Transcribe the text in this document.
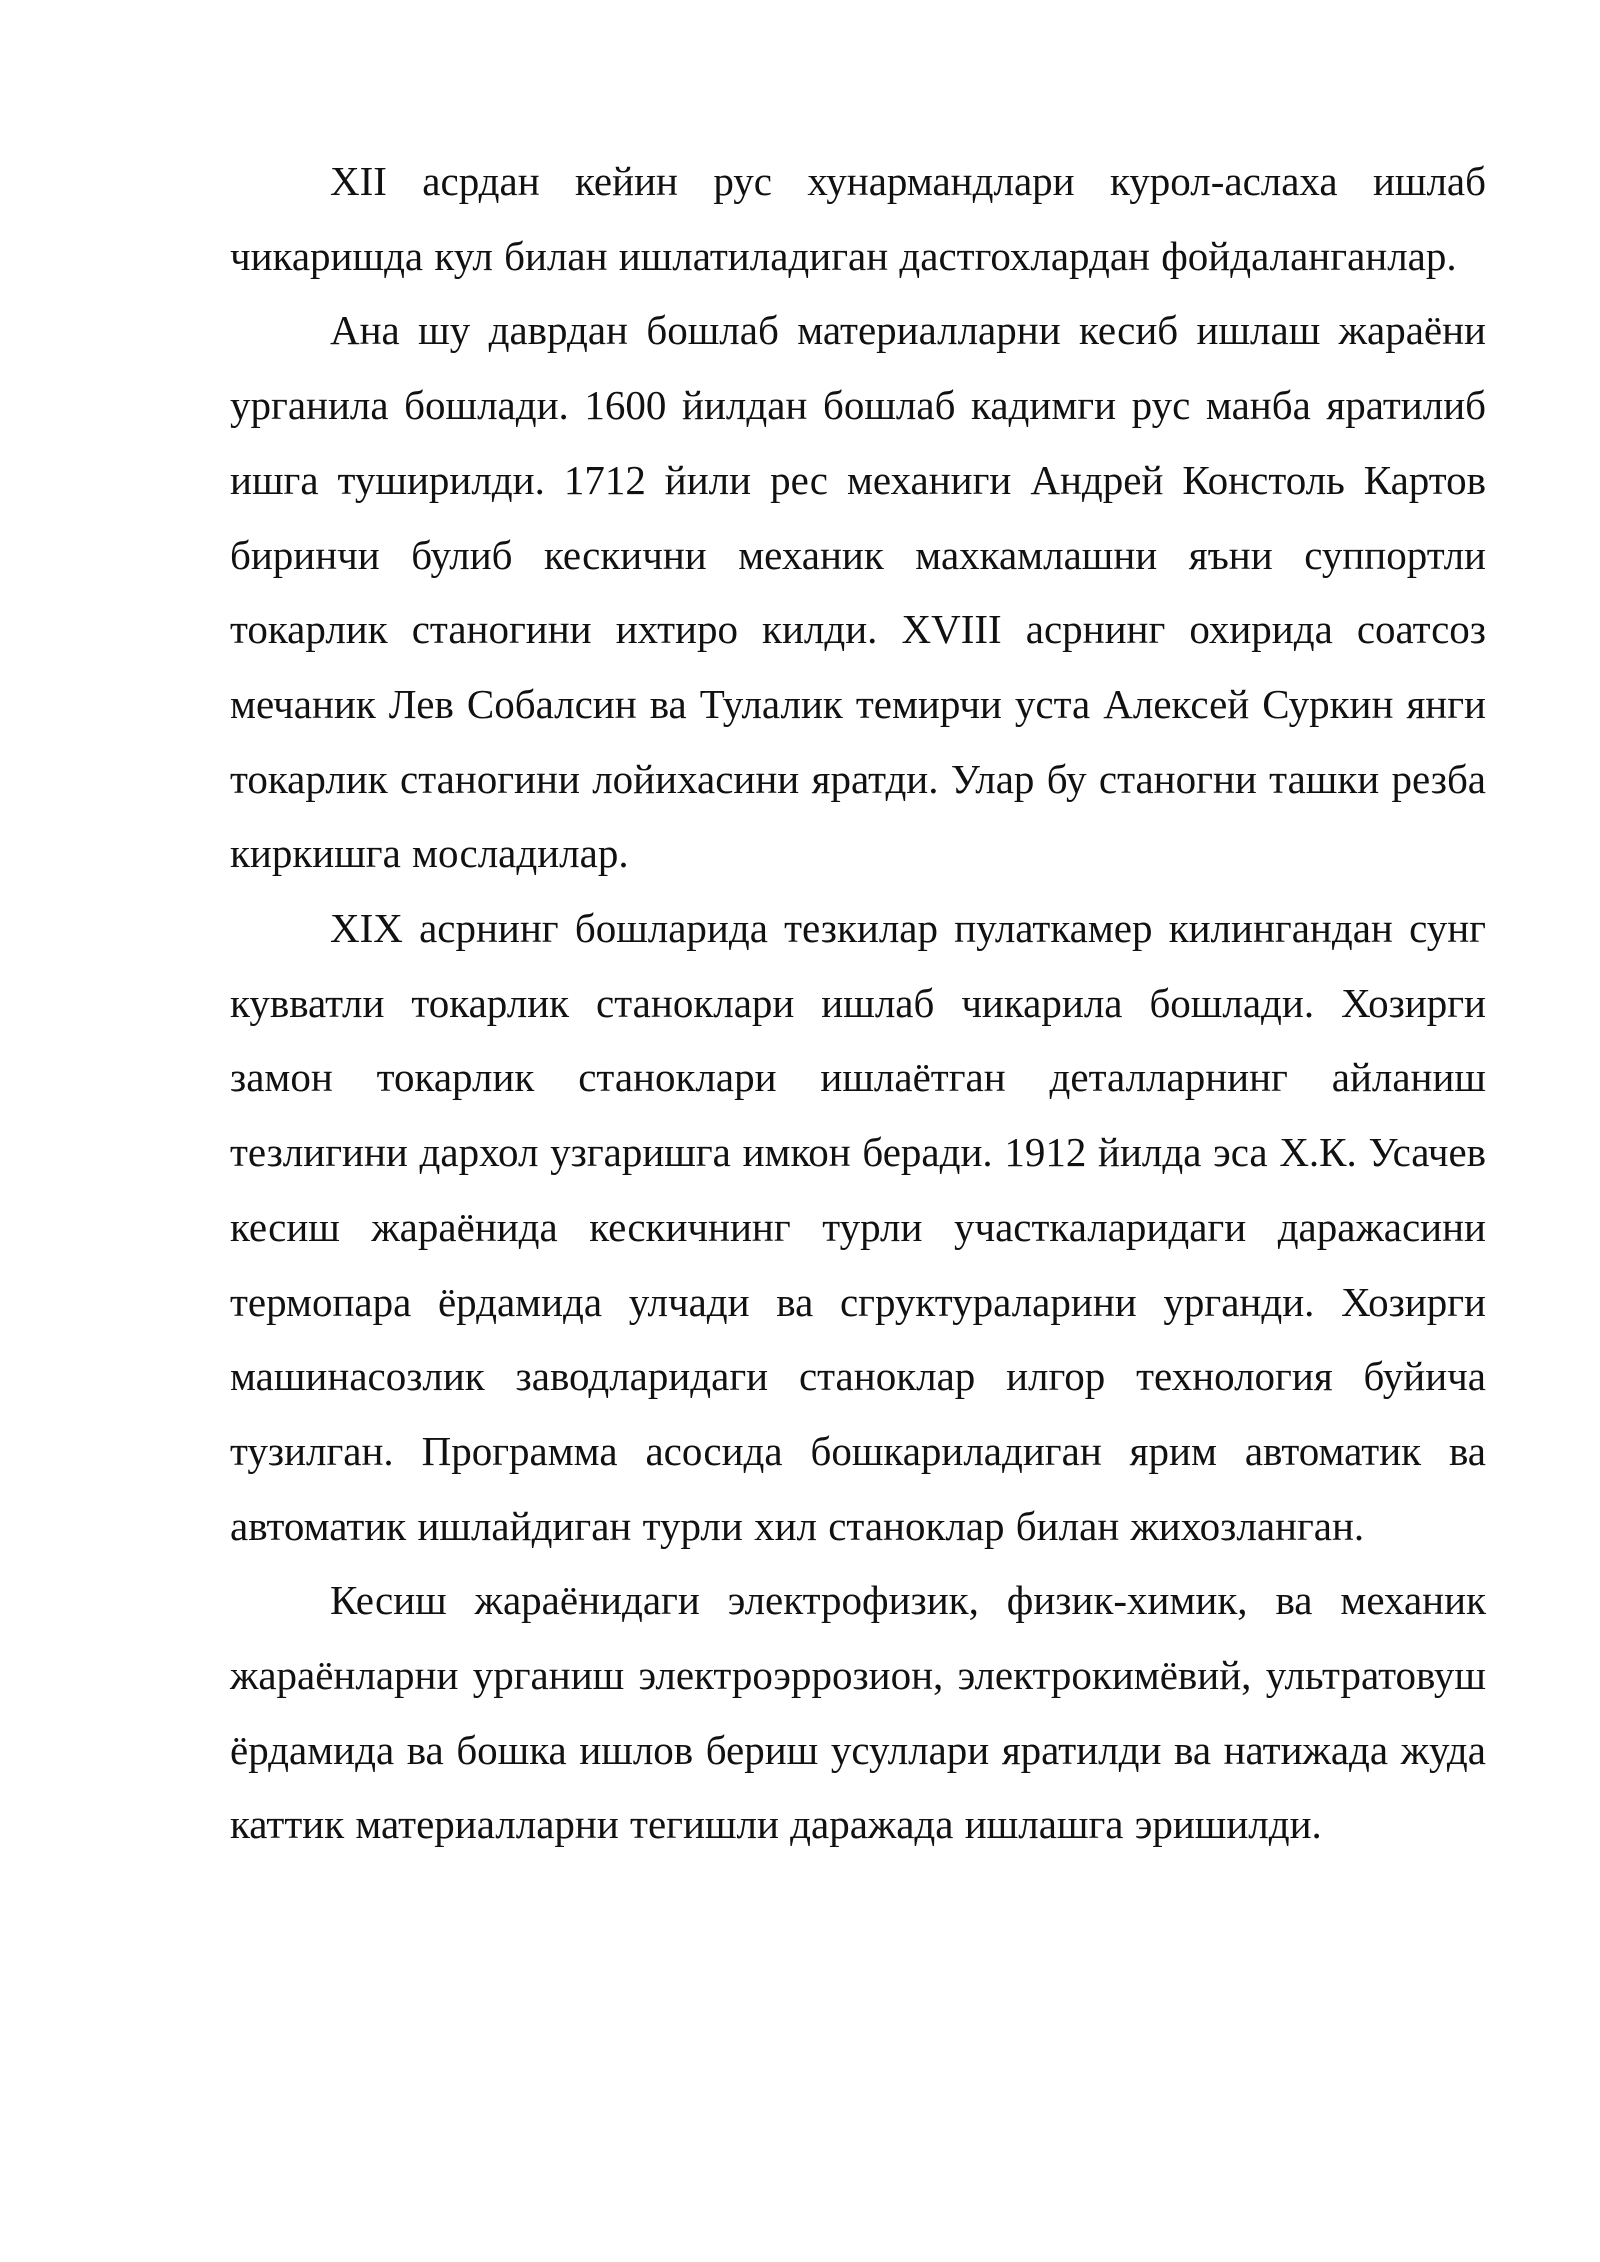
XII асрдан кейин рус хунармандлари курол-аслаха ишлаб чикаришда кул билан ишлатиладиган дастгохлардан фойдаланганлар.

Ана шу даврдан бошлаб материалларни кесиб ишлаш жараёни урганила бошлади. 1600 йилдан бошлаб кадимги рус манба яратилиб ишга туширилди. 1712 йили рес механиги Андрей Констоль Картов биринчи булиб кескични механик махкамлашни яъни суппортли токарлик станогини ихтиро килди. XVIII асрнинг охирида соатсоз мечаник Лев Собалсин ва Тулалик темирчи уста Алексей Суркин янги токарлик станогини лойихасини яратди. Улар бу станогни ташки резба киркишга мосладилар.

XIX асрнинг бошларида тезкилар пулаткамер килингандан сунг кувватли токарлик станоклари ишлаб чикарила бошлади. Хозирги замон токарлик станоклари ишлаётган деталларнинг айланиш тезлигини дархол узгаришга имкон беради. 1912 йилда эса Х.К. Усачев кесиш жараёнида кескичнинг турли участкаларидаги даражасини термопара ёрдамида улчади ва сгруктураларини урганди. Хозирги машинасозлик заводларидаги станоклар илгор технология буйича тузилган. Программа асосида бошкариладиган ярим автоматик ва автоматик ишлайдиган турли хил станоклар билан жихозланган.

Кесиш жараёнидаги электрофизик, физик-химик, ва механик жараёнларни урганиш электроэррозион, электрокимёвий, ультратовуш ёрдамида ва бошка ишлов бериш усуллари яратилди ва натижада жуда каттик материалларни тегишли даражада ишлашга эришилди.
